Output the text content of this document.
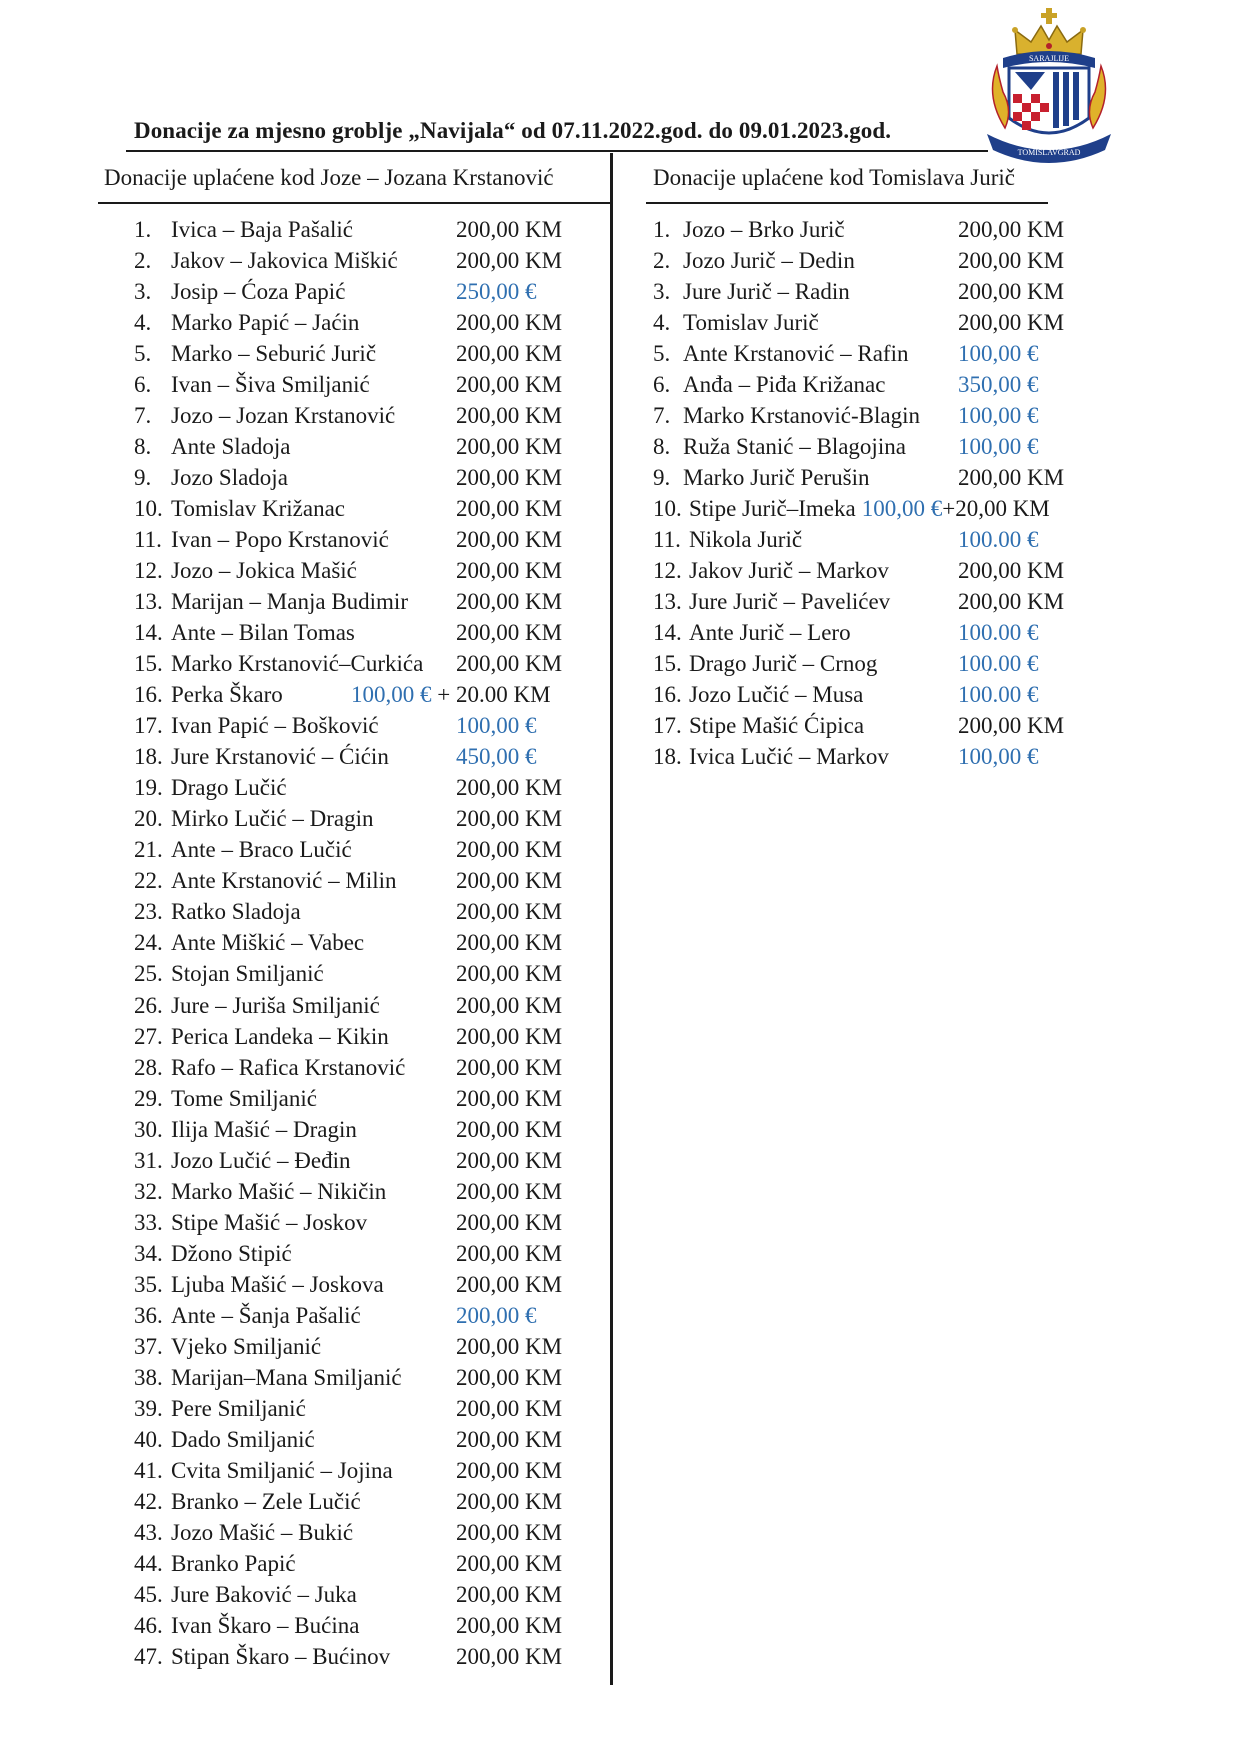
Donacije za mjesno groblje „Navijala“ od 07.11.2022.god. do 09.01.2023.god.
SARAJLIJE
TOMISLAVGRAD
Donacije uplaćene kod Joze – Jozana Krstanović	Donacije uplaćene kod Tomislava Jurič
1. Ivica – Baja Pašalić	200,00 KM
2. Jakov – Jakovica Miškić	200,00 KM
3. Josip – Ćoza Papić	250,00 €
4. Marko Papić – Jaćin	200,00 KM
5. Marko – Seburić Jurič	200,00 KM
6. Ivan – Šiva Smiljanić	200,00 KM
7. Jozo – Jozan Krstanović	200,00 KM
8. Ante Sladoja	200,00 KM
9. Jozo Sladoja	200,00 KM
10. Tomislav Križanac	200,00 KM
11. Ivan – Popo Krstanović	200,00 KM
12. Jozo – Jokica Mašić	200,00 KM
13. Marijan – Manja Budimir 200,00 KM
14. Ante – Bilan Tomas	200,00 KM
15. Marko Krstanović–Curkića 200,00 KM
16. Perka Škaro	100,00 € + 20.00 KM
17. Ivan Papić – Bošković	100,00 €
18. Jure Krstanović – Ćićin	450,00 €
19. Drago Lučić	200,00 KM
20. Mirko Lučić – Dragin	200,00 KM
21. Ante – Braco Lučić	200,00 KM
22. Ante Krstanović – Milin	200,00 KM
23. Ratko Sladoja	200,00 KM
24. Ante Miškić – Vabec	200,00 KM
25. Stojan Smiljanić	200,00 KM
26. Jure – Juriša Smiljanić	200,00 KM
27. Perica Landeka – Kikin	200,00 KM
28. Rafo – Rafica Krstanović 200,00 KM
29. Tome Smiljanić	200,00 KM
30. Ilija Mašić – Dragin	200,00 KM
31. Jozo Lučić – Đeđin	200,00 KM
32. Marko Mašić – Nikičin	200,00 KM
33. Stipe Mašić – Joskov	200,00 KM
34. Džono Stipić	200,00 KM
35. Ljuba Mašić – Joskova	200,00 KM
36. Ante – Šanja Pašalić	200,00 €
37. Vjeko Smiljanić	200,00 KM
38. Marijan–Mana Smiljanić 200,00 KM
39. Pere Smiljanić	200,00 KM
40. Dado Smiljanić	200,00 KM
41. Cvita Smiljanić – Jojina	200,00 KM
42. Branko – Zele Lučić	200,00 KM
43. Jozo Mašić – Bukić	200,00 KM
44. Branko Papić	200,00 KM
45. Jure Baković – Juka	200,00 KM
46. Ivan Škaro – Bućina	200,00 KM
47. Stipan Škaro – Bućinov	200,00 KM
1. Jozo – Brko Jurič	200,00 KM
2. Jozo Jurič – Dedin	200,00 KM
3. Jure Jurič – Radin	200,00 KM
4. Tomislav Jurič	200,00 KM
5. Ante Krstanović – Rafin 100,00 €
6. Anđa – Piđa Križanac	350,00 €
7. Marko Krstanović-Blagin 100,00 €
8. Ruža Stanić – Blagojina 100,00 €
9. Marko Jurič Perušin	200,00 KM
10. Stipe Jurič–Imeka 100,00 €+20,00 KM
11. Nikola Jurič	100.00 €
12. Jakov Jurič – Markov	200,00 KM
13. Jure Jurič – Pavelićev	200,00 KM
14. Ante Jurič – Lero	100.00 €
15. Drago Jurič – Crnog	100.00 €
16. Jozo Lučić – Musa	100.00 €
17. Stipe Mašić Ćipica	200,00 KM
18. Ivica Lučić – Markov	100,00 €
